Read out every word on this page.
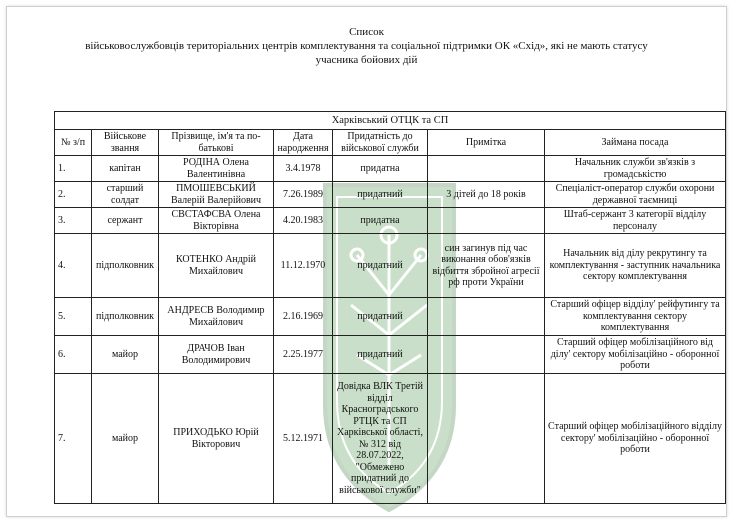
Список
військовослужбовців територіальних центрів комплектування та соціальної підтримки ОК «Схід», які не мають статусу учасника бойових дій
Харківський ОТЦК та СП						
№ з/п	Військове звання	Прізвище, ім'я та по-батькові	Дата народження	Придатність до військової служби	Примітка	Займана посада
1.	капітан	РОДІНА Олена Валентинівна	3.4.1978	придатна		Начальник служби зв'язків з громадськістю
2.	старший солдат	ПМОШЕВСЬКИЙ Валерій Валерійович	7.26.1989	придатний	3 дітей до 18 років	Спеціаліст-оператор служби охорони державної таємниці
3.	сержант	СВСТАФСВА Олена Вікторівна	4.20.1983	придатна		Штаб-сержант 3 категорії відділу персоналу
4.	підполковник	КОТЕНКО Андрій Михайлович	11.12.1970	придатний	син загинув під час виконання обов'язків відбиття збройної агресії рф проти України	Начальник від ділу рекрутингу та комплектування - заступник начальника сектору комплектування
5.	підполковник	АНДРЕСВ Володимир Михайлович	2.16.1969	придатний		Старший офіцер відділу' рейфутингу та комплектування сектору комплектування
6.	майор	ДРАЧОВ Іван Володимирович	2.25.1977	придатний		Старший офіцер мобілізаційного від ділу' сектору мобілізаційно - оборонної роботи
7.	майор	ПРИХОДЬКО Юрій Вікторович	5.12.1971	Довідка ВЛК Третій відділ Красноградського РТЦК та СП Харківської області, № 312 від 28.07.2022, "Обмежено придатний до військової служби"		Старший офіцер мобілізаційного відділу сектору' мобілізаційно - оборонної роботи
